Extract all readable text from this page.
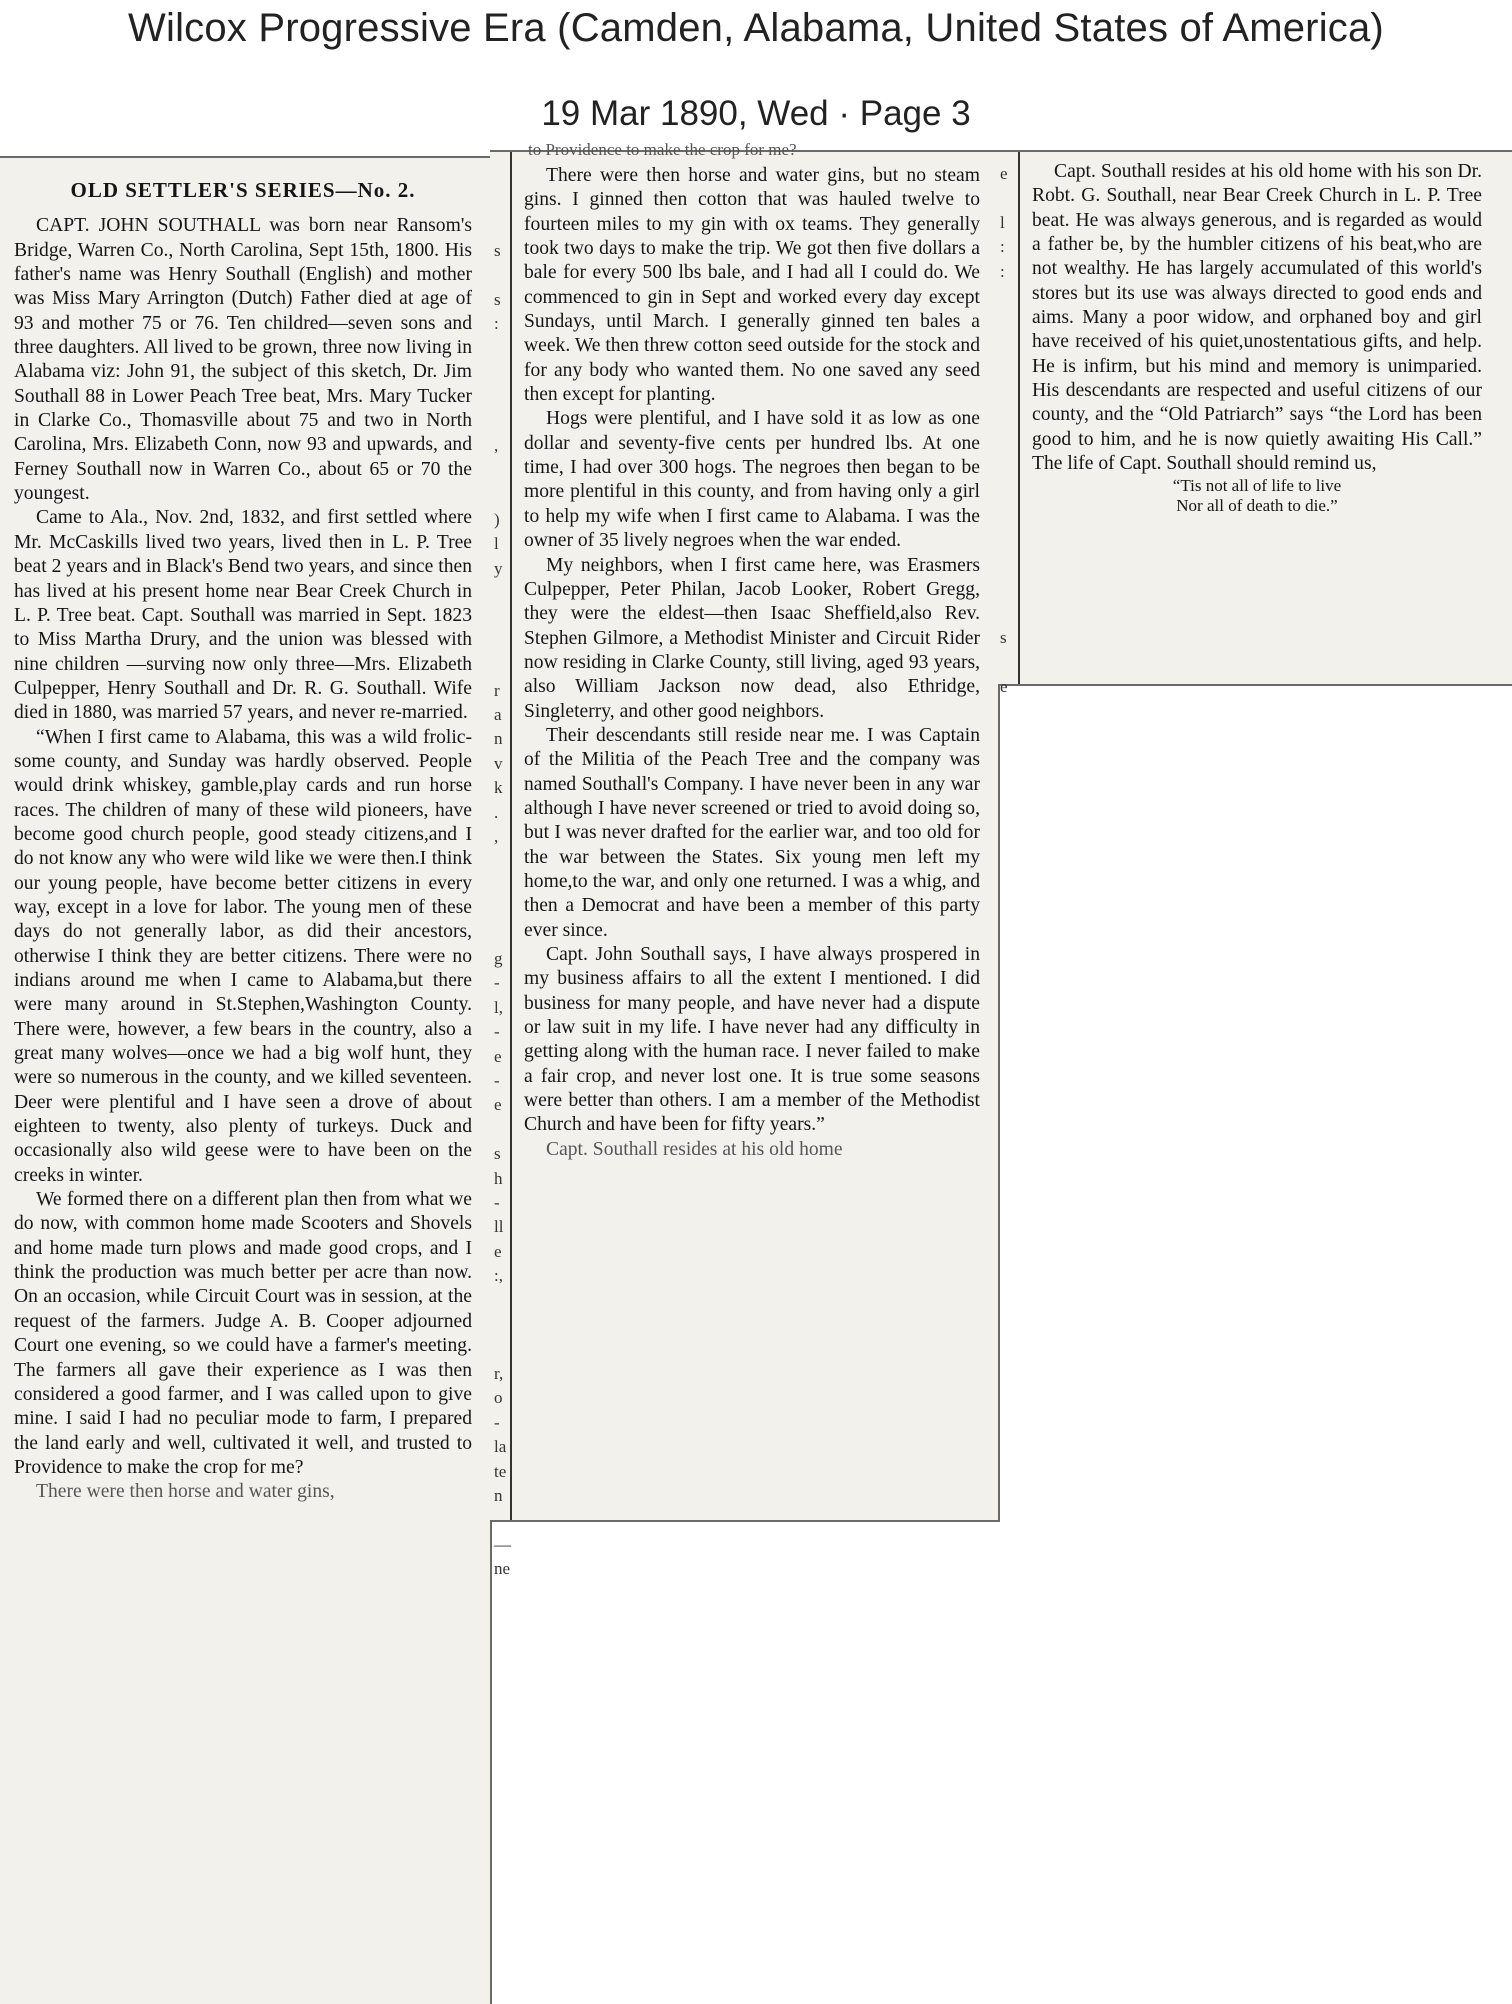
Wilcox Progressive Era (Camden, Alabama, United States of America)
19 Mar 1890, Wed · Page 3
OLD SETTLER'S SERIES—No. 2.

CAPT. JOHN SOUTHALL was born near Ransom's Bridge, Warren Co., North Carolina, Sept 15th, 1800. His father's name was Henry Southall (English) and mother was Miss Mary Arrington (Dutch) Father died at age of 93 and mother 75 or 76. Ten childred—seven sons and three daughters. All lived to be grown, three now living in Alabama viz: John 91, the subject of this sketch, Dr. Jim Southall 88 in Lower Peach Tree beat, Mrs. Mary Tucker in Clarke Co., Thomasville about 75 and two in North Carolina, Mrs. Elizabeth Conn, now 93 and upwards, and Ferney Southall now in Warren Co., about 65 or 70 the youngest.

Came to Ala., Nov. 2nd, 1832, and first settled where Mr. McCaskills lived two years, lived then in L. P. Tree beat 2 years and in Black's Bend two years, and since then has lived at his present home near Bear Creek Church in L. P. Tree beat. Capt. Southall was married in Sept. 1823 to Miss Martha Drury, and the union was blessed with nine children —surving now only three—Mrs. Elizabeth Culpepper, Henry Southall and Dr. R. G. Southall. Wife died in 1880, was married 57 years, and never re-married.

“When I first came to Alabama, this was a wild frolic-some county, and Sunday was hardly observed. People would drink whiskey, gamble,play cards and run horse races. The children of many of these wild pioneers, have become good church people, good steady citizens,and I do not know any who were wild like we were then.I think our young people, have become better citizens in every way, except in a love for labor. The young men of these days do not generally labor, as did their ancestors, otherwise I think they are better citizens. There were no indians around me when I came to Alabama,but there were many around in St.Stephen,Washington County. There were, however, a few bears in the country, also a great many wolves—once we had a big wolf hunt, they were so numerous in the county, and we killed seventeen. Deer were plentiful and I have seen a drove of about eighteen to twenty, also plenty of turkeys. Duck and occasionally also wild geese were to have been on the creeks in winter.

We formed there on a different plan then from what we do now, with common home made Scooters and Shovels and home made turn plows and made good crops, and I think the production was much better per acre than now. On an occasion, while Circuit Court was in session, at the request of the farmers. Judge A. B. Cooper adjourned Court one evening, so we could have a farmer's meeting. The farmers all gave their experience as I was then considered a good farmer, and I was called upon to give mine. I said I had no peculiar mode to farm, I prepared the land early and well, cultivated it well, and trusted to Providence to make the crop for me?

There were then horse and water gins,

s

s
:

,

)
l
y

r
a
n
v
k
.
,

g
-
l,
-
e
-
e

s
h
-
ll
e
:,

r,
o
-
la
te
n

—
ne
to Providence to make the crop for me?

There were then horse and water gins, but no steam gins. I ginned then cotton that was hauled twelve to fourteen miles to my gin with ox teams. They generally took two days to make the trip. We got then five dollars a bale for every 500 lbs bale, and I had all I could do. We commenced to gin in Sept and worked every day except Sundays, until March. I generally ginned ten bales a week. We then threw cotton seed outside for the stock and for any body who wanted them. No one saved any seed then except for planting.

Hogs were plentiful, and I have sold it as low as one dollar and seventy-five cents per hundred lbs. At one time, I had over 300 hogs. The negroes then began to be more plentiful in this county, and from having only a girl to help my wife when I first came to Alabama. I was the owner of 35 lively negroes when the war ended.

My neighbors, when I first came here, was Erasmers Culpepper, Peter Philan, Jacob Looker, Robert Gregg, they were the eldest—then Isaac Sheffield,also Rev. Stephen Gilmore, a Methodist Minister and Circuit Rider now residing in Clarke County, still living, aged 93 years, also William Jackson now dead, also Ethridge, Singleterry, and other good neighbors.

Their descendants still reside near me. I was Captain of the Militia of the Peach Tree and the company was named Southall's Company. I have never been in any war although I have never screened or tried to avoid doing so, but I was never drafted for the earlier war, and too old for the war between the States. Six young men left my home,to the war, and only one returned. I was a whig, and then a Democrat and have been a member of this party ever since.

Capt. John Southall says, I have always prospered in my business affairs to all the extent I mentioned. I did business for many people, and have never had a dispute or law suit in my life. I have never had any difficulty in getting along with the human race. I never failed to make a fair crop, and never lost one. It is true some seasons were better than others. I am a member of the Methodist Church and have been for fifty years.”

Capt. Southall resides at his old home

e

l
:
:

s

e

Capt. Southall resides at his old home with his son Dr. Robt. G. Southall, near Bear Creek Church in L. P. Tree beat. He was always generous, and is regarded as would a father be, by the humbler citizens of his beat,who are not wealthy. He has largely accumulated of this world's stores but its use was always directed to good ends and aims. Many a poor widow, and orphaned boy and girl have received of his quiet,unostentatious gifts, and help. He is infirm, but his mind and memory is unimparied. His descendants are respected and useful citizens of our county, and the “Old Patriarch” says “the Lord has been good to him, and he is now quietly awaiting His Call.” The life of Capt. Southall should remind us,

“Tis not all of life to live
Nor all of death to die.”
